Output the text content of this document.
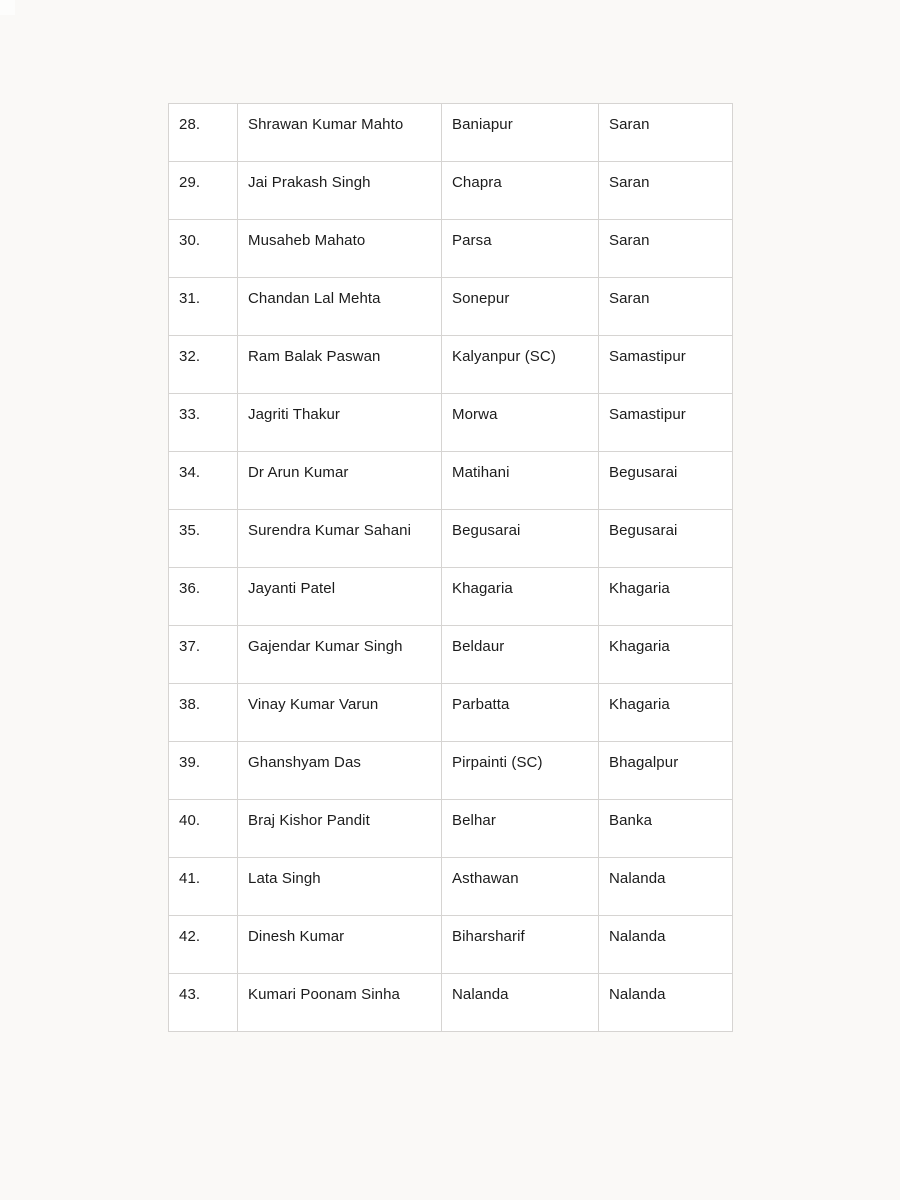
28.	Shrawan Kumar Mahto	Baniapur	Saran
29.	Jai Prakash Singh	Chapra	Saran
30.	Musaheb Mahato	Parsa	Saran
31.	Chandan Lal Mehta	Sonepur	Saran
32.	Ram Balak Paswan	Kalyanpur (SC)	Samastipur
33.	Jagriti Thakur	Morwa	Samastipur
34.	Dr Arun Kumar	Matihani	Begusarai
35.	Surendra Kumar Sahani	Begusarai	Begusarai
36.	Jayanti Patel	Khagaria	Khagaria
37.	Gajendar Kumar Singh	Beldaur	Khagaria
38.	Vinay Kumar Varun	Parbatta	Khagaria
39.	Ghanshyam Das	Pirpainti (SC)	Bhagalpur
40.	Braj Kishor Pandit	Belhar	Banka
41.	Lata Singh	Asthawan	Nalanda
42.	Dinesh Kumar	Biharsharif	Nalanda
43.	Kumari Poonam Sinha	Nalanda	Nalanda
